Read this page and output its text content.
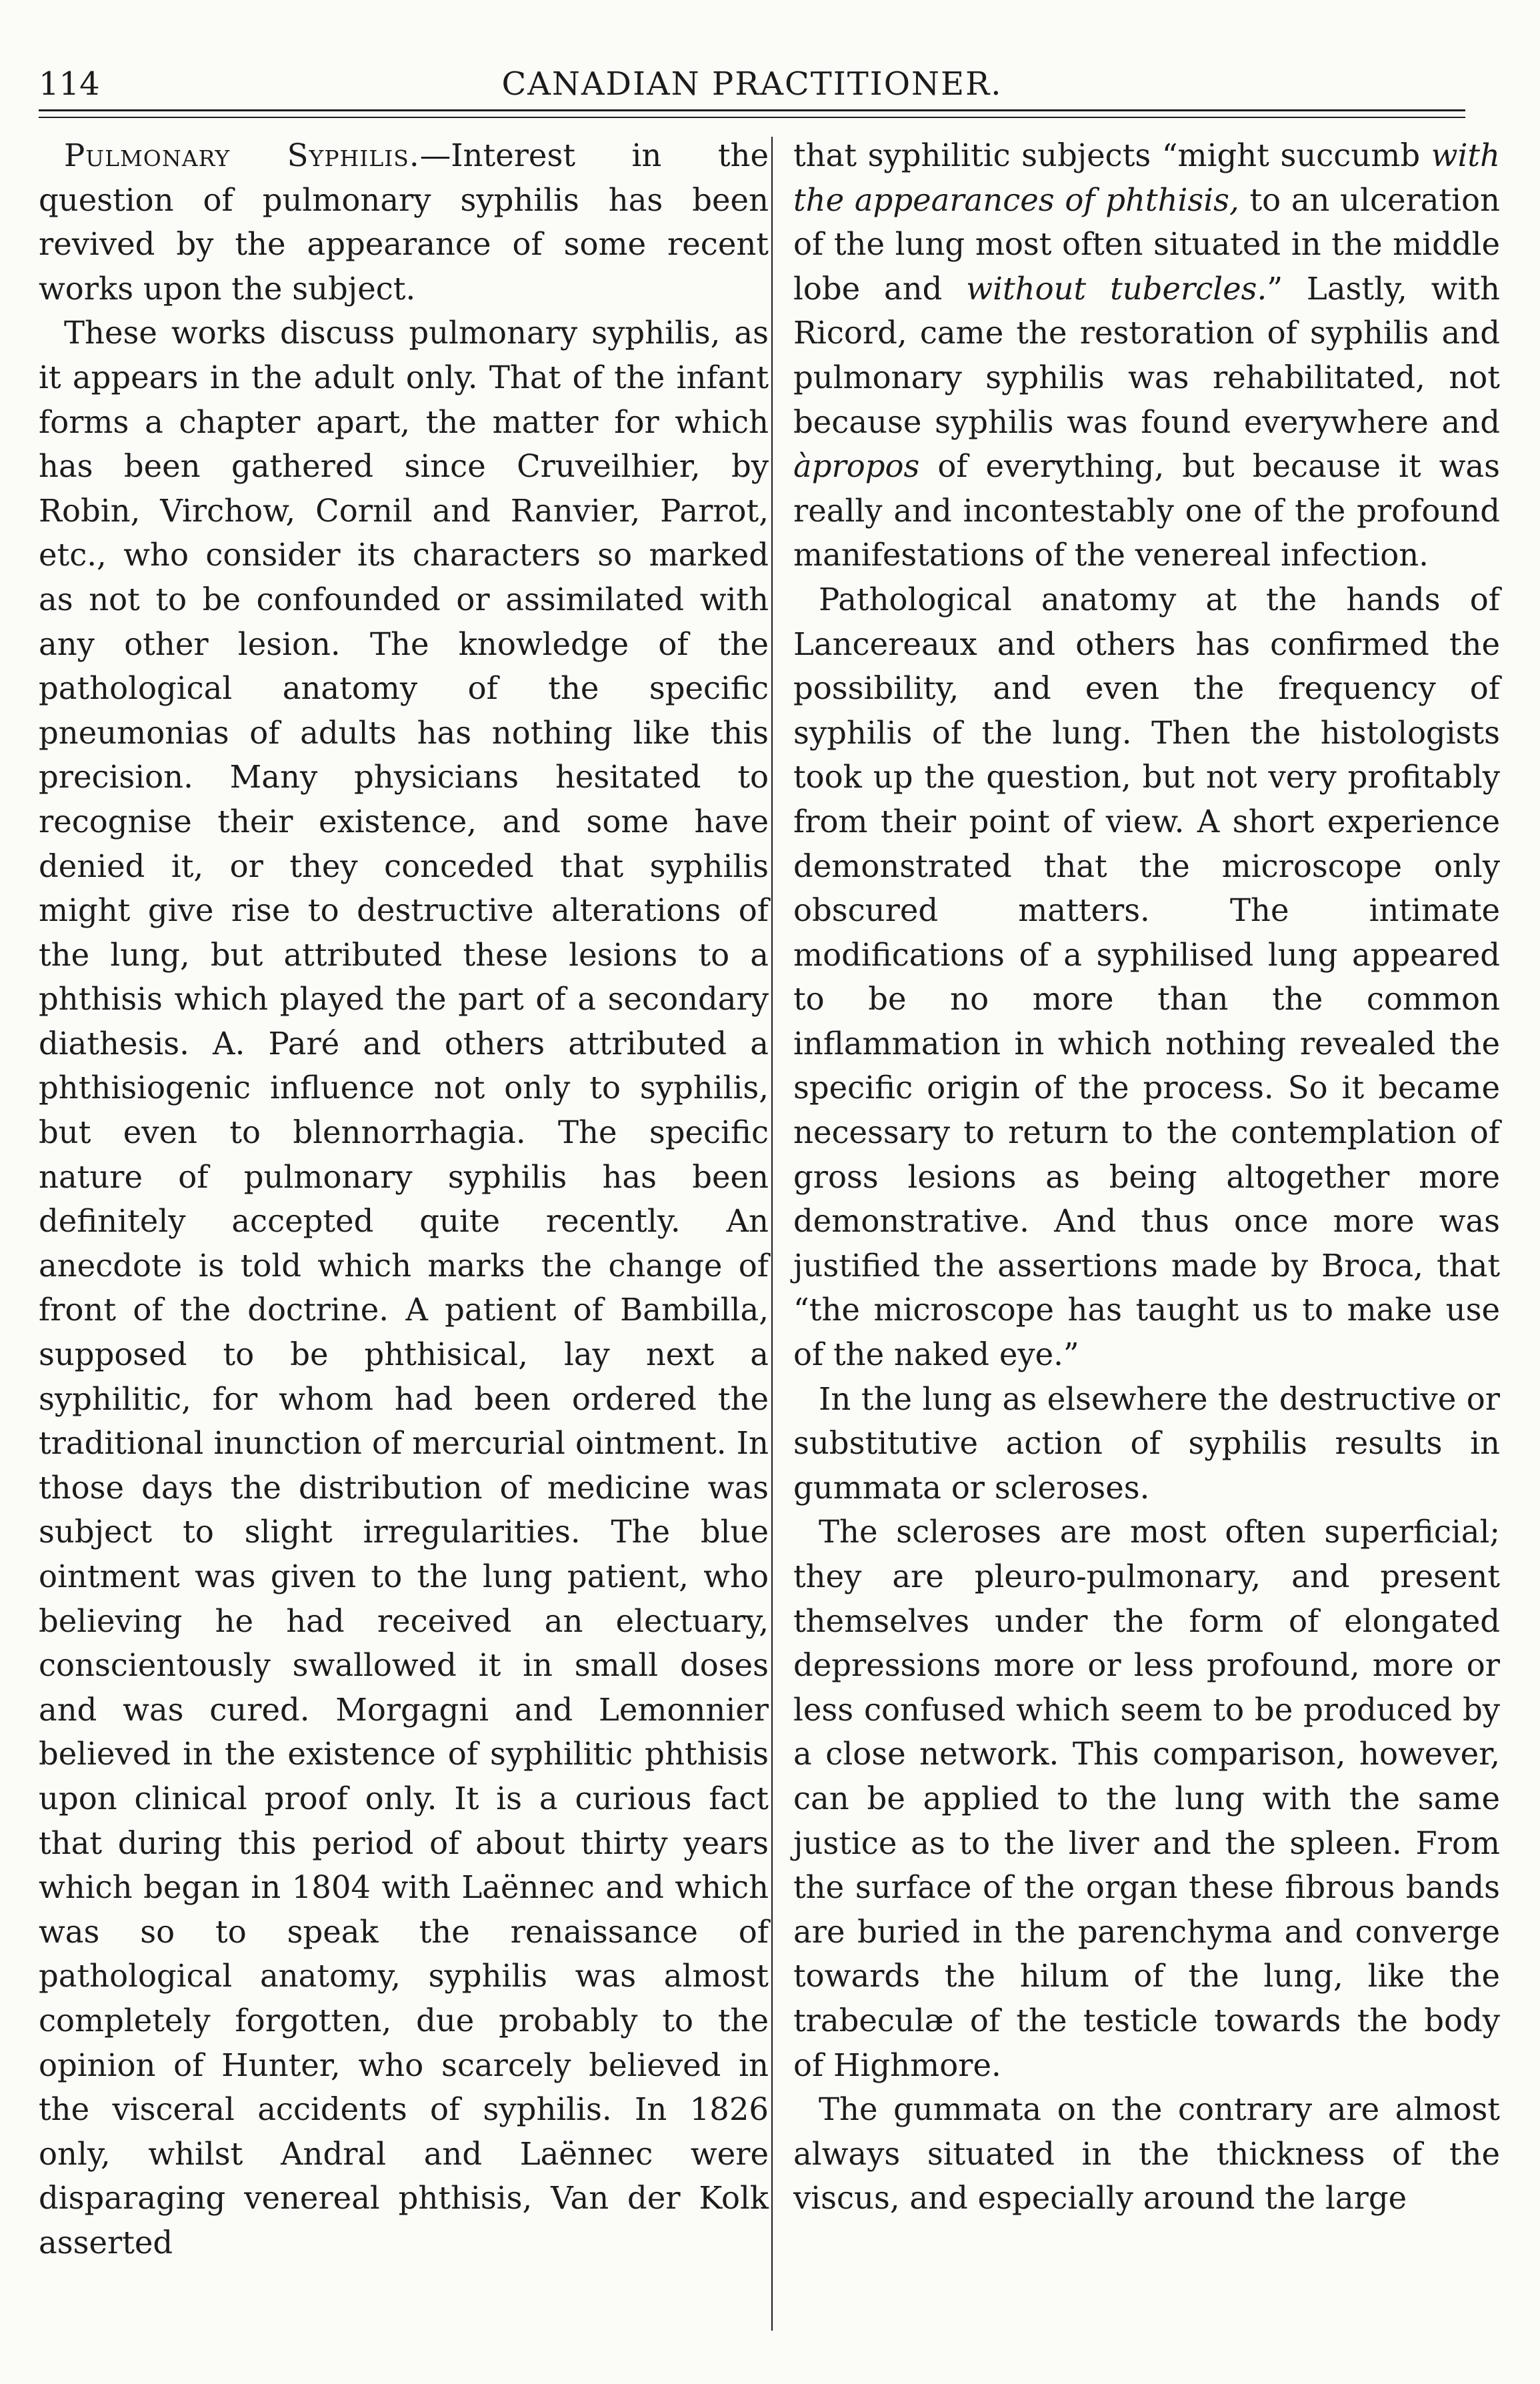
114	CANADIAN PRACTITIONER.

Pulmonary Syphilis.—Interest in the question of pulmonary syphilis has been revived by the appearance of some recent works upon the subject.

These works discuss pulmonary syphilis, as it appears in the adult only. That of the infant forms a chapter apart, the matter for which has been gathered since Cruveilhier, by Robin, Virchow, Cornil and Ranvier, Parrot, etc., who consider its characters so marked as not to be confounded or assimilated with any other lesion. The knowledge of the pathological anatomy of the specific pneumonias of adults has nothing like this precision. Many physicians hesitated to recognise their existence, and some have denied it, or they conceded that syphilis might give rise to destructive alterations of the lung, but attributed these lesions to a phthisis which played the part of a secondary diathesis. A. Paré and others attributed a phthisiogenic influence not only to syphilis, but even to blennorrhagia. The specific nature of pulmonary syphilis has been definitely accepted quite recently. An anecdote is told which marks the change of front of the doctrine. A patient of Bambilla, supposed to be phthisical, lay next a syphilitic, for whom had been ordered the traditional inunction of mercurial ointment. In those days the distribution of medicine was subject to slight irregularities. The blue ointment was given to the lung patient, who believing he had received an electuary, conscientously swallowed it in small doses and was cured. Morgagni and Lemonnier believed in the existence of syphilitic phthisis upon clinical proof only. It is a curious fact that during this period of about thirty years which began in 1804 with Laënnec and which was so to speak the renaissance of pathological anatomy, syphilis was almost completely forgotten, due probably to the opinion of Hunter, who scarcely believed in the visceral accidents of syphilis. In 1826 only, whilst Andral and Laënnec were disparaging venereal phthisis, Van der Kolk asserted

that syphilitic subjects “might succumb with the appearances of phthisis, to an ulceration of the lung most often situated in the middle lobe and without tubercles.” Lastly, with Ricord, came the restoration of syphilis and pulmonary syphilis was rehabilitated, not because syphilis was found everywhere and àpropos of everything, but because it was really and incontestably one of the profound manifestations of the venereal infection.

Pathological anatomy at the hands of Lancereaux and others has confirmed the possibility, and even the frequency of syphilis of the lung. Then the histologists took up the question, but not very profitably from their point of view. A short experience demonstrated that the microscope only obscured matters. The intimate modifications of a syphilised lung appeared to be no more than the common inflammation in which nothing revealed the specific origin of the process. So it became necessary to return to the contemplation of gross lesions as being altogether more demonstrative. And thus once more was justified the assertions made by Broca, that “the microscope has taught us to make use of the naked eye.”

In the lung as elsewhere the destructive or substitutive action of syphilis results in gummata or scleroses.

The scleroses are most often superficial; they are pleuro-pulmonary, and present themselves under the form of elongated depressions more or less profound, more or less confused which seem to be produced by a close network. This comparison, however, can be applied to the lung with the same justice as to the liver and the spleen. From the surface of the organ these fibrous bands are buried in the parenchyma and converge towards the hilum of the lung, like the trabeculæ of the testicle towards the body of Highmore.

The gummata on the contrary are almost always situated in the thickness of the viscus, and especially around the large
